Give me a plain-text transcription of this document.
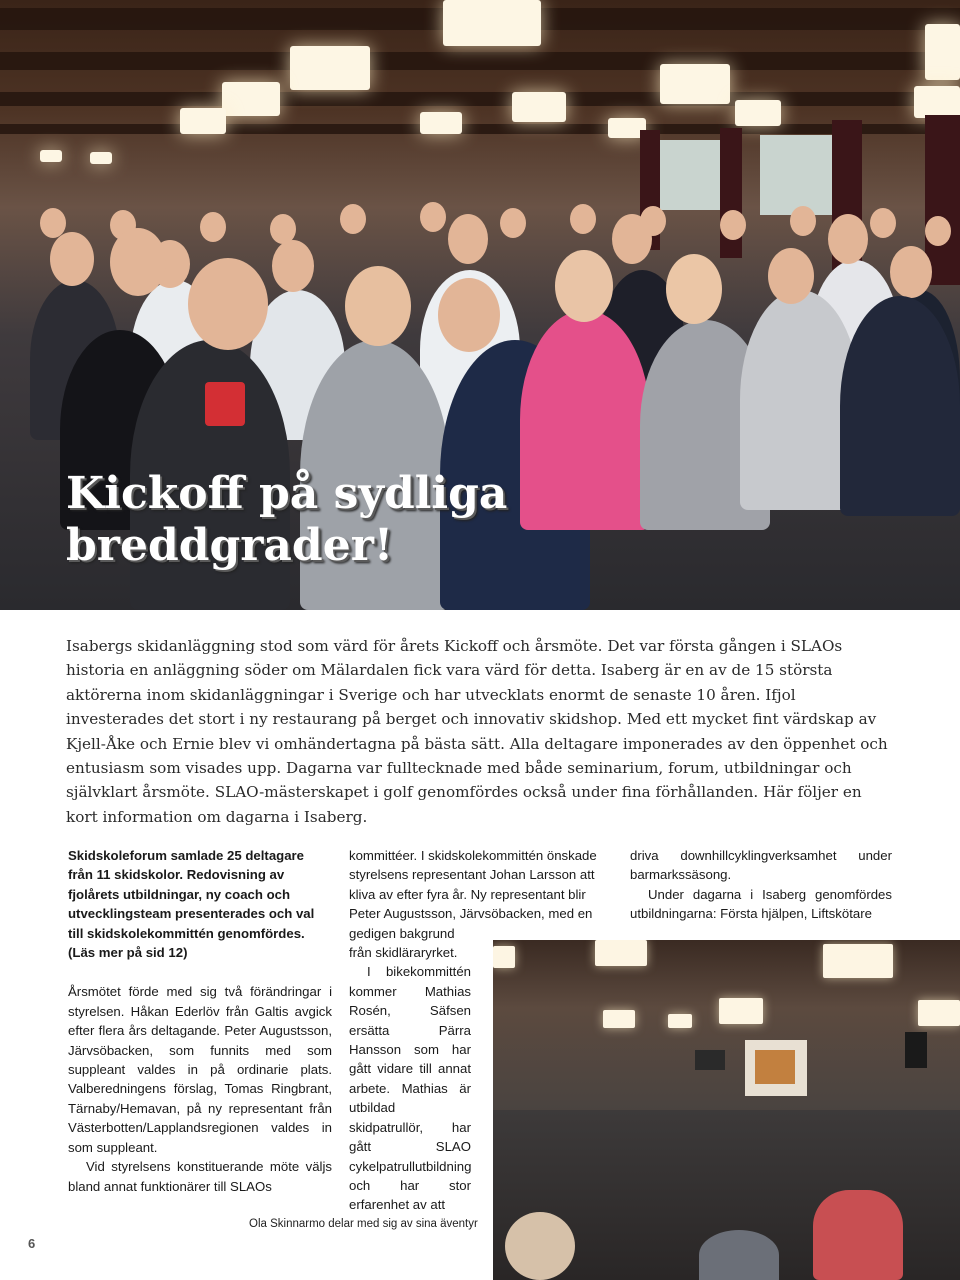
Kickoff på sydliga breddgrader!

Isabergs skidanläggning stod som värd för årets Kickoff och årsmöte. Det var första gången i SLAOs historia en anläggning söder om Mälardalen fick vara värd för detta. Isaberg är en av de 15 största aktörerna inom skidanläggningar i Sverige och har utvecklats enormt de senaste 10 åren. Ifjol investerades det stort i ny restaurang på berget och innovativ skidshop. Med ett mycket fint värdskap av Kjell-Åke och Ernie blev vi omhändertagna på bästa sätt. Alla deltagare imponerades av den öppenhet och entusiasm som visades upp. Dagarna var fulltecknade med både seminarium, forum, utbildningar och självklart årsmöte. SLAO-mästerskapet i golf genomfördes också under fina förhållanden. Här följer en kort information om dagarna i Isaberg.

Skidskoleforum samlade 25 deltagare från 11 skidskolor. Redovisning av fjolårets utbildningar, ny coach och utvecklingsteam presenterades och val till skidskolekommittén genomfördes. (Läs mer på sid 12)

Årsmötet förde med sig två förändringar i styrelsen. Håkan Ederlöv från Galtis avgick efter flera års deltagande. Peter Augustsson, Järvsöbacken, som funnits med som suppleant valdes in på ordinarie plats. Valberedningens förslag, Tomas Ringbrant, Tärnaby/Hemavan, på ny representant från Västerbotten/Lapplandsregionen valdes in som suppleant.

Vid styrelsens konstituerande möte väljs bland annat funktionärer till SLAOs

kommittéer. I skidskolekommittén önskade styrelsens representant Johan Larsson att kliva av efter fyra år. Ny representant blir Peter Augustsson, Järvsöbacken, med en

gedigen bakgrund från skidläraryrket.

I bikekommittén kommer Mathias Rosén, Säfsen ersätta Pärra Hansson som har gått vidare till annat arbete. Mathias är utbildad skidpatrullör, har gått SLAO cykelpatrullutbildning och har stor erfarenhet av att

driva downhillcyklingverksamhet under barmarkssäsong.

Under dagarna i Isaberg genomfördes utbildningarna: Första hjälpen, Liftskötare

Ola Skinnarmo delar med sig av sina äventyr

6
